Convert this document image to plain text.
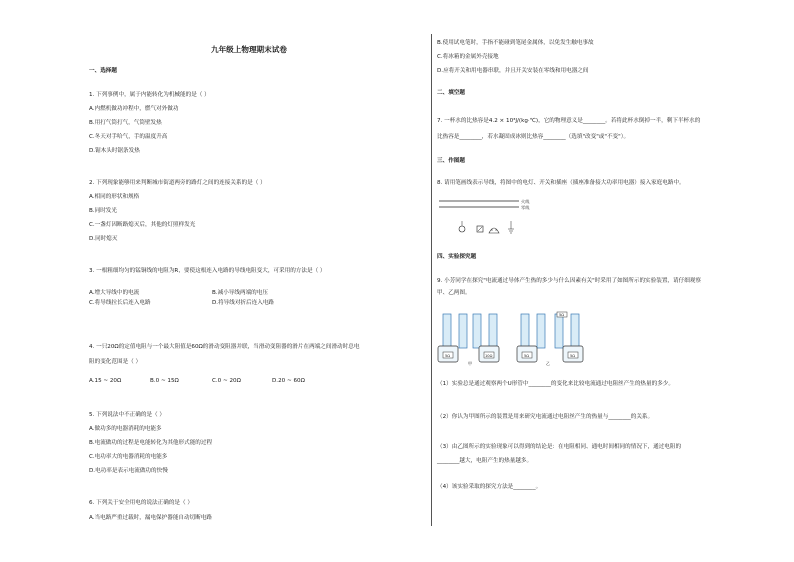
九年级上物理期末试卷
一、选择题
1. 下列事例中，属于内能转化为机械能的是（ ）
A.内燃机做功冲程中，燃气对外做功
B.用打气筒打气，气筒壁发热
C.冬天对手哈气，手的温度升高
D.锯木头时锯条发热
2. 下列现象能够用来判断城市街道两旁的路灯之间的连接关系的是（ ）
A.相同的形状和规格
B.同时发光
C.一盏灯因断路熄灭后，其他的灯照样发光
D.同时熄灭
3. 一根粗细均匀的锰铜线的电阻为R，要使这根连入电路的导线电阻变大，可采用的方法是（ ）
A.增大导线中的电流	B.减小导线两端的电压
C.将导线拉长后连入电路	D.将导线对折后连入电路
4. 一只20Ω的定值电阻与一个最大阻值是60Ω的滑动变阻器并联，当滑动变阻器的滑片在两端之间滑动时总电
阻的变化范围是（ ）
A.15 ~ 20Ω	B.0 ~ 15Ω	C.0 ~ 20Ω	D.20 ~ 60Ω
5. 下列说法中不正确的是（ ）
A.做功多的电器消耗的电能多
B.电流做功的过程是电能转化为其他形式能的过程
C.电功率大的电器消耗的电能多
D.电功率是表示电流做功的快慢
6. 下列关于安全用电的说法正确的是（ ）
A.当电路严重过载时，漏电保护器能自动切断电路
B.使用试电笔时，手指不能碰到笔尾金属体，以免发生触电事故
C.将冰箱的金属外壳接地
D.应将开关和用电器串联，并且开关安装在零线和用电器之间
二、填空题
7. 一杯水的比热容是4.2 × 10³J/(kg·℃)，它的物理意义是________。若将此杯水倒掉一半，剩下半杯水的
比热容是________，若水凝固成冰则比热容________（选填"改变"或"不变"）。
三、作图题
8. 请用笔画线表示导线，将图中的电灯、开关和插座（插座准备接大功率用电器）接入家庭电路中。
火线
零线
四、实验探究题
9. 小芳同学在探究"电流通过导体产生热的多少与什么因素有关"时采用了如图所示的实验装置，请仔细观察
甲、乙两图。
5Ω	10Ω
甲
5Ω	5Ω
5Ω
乙
（1）实验总是通过观察两个U形管中________的变化来比较电流通过电阻丝产生的热量的多少。
（2）你认为甲图所示的装置是用来研究电流通过电阻丝产生的热量与________的关系。
（3）由乙图所示的实验现象可以得到的结论是：在电阻相同、通电时间相同的情况下，通过电阻的
________越大，电阻产生的热量越多。
（4）该实验采取的探究方法是________。
